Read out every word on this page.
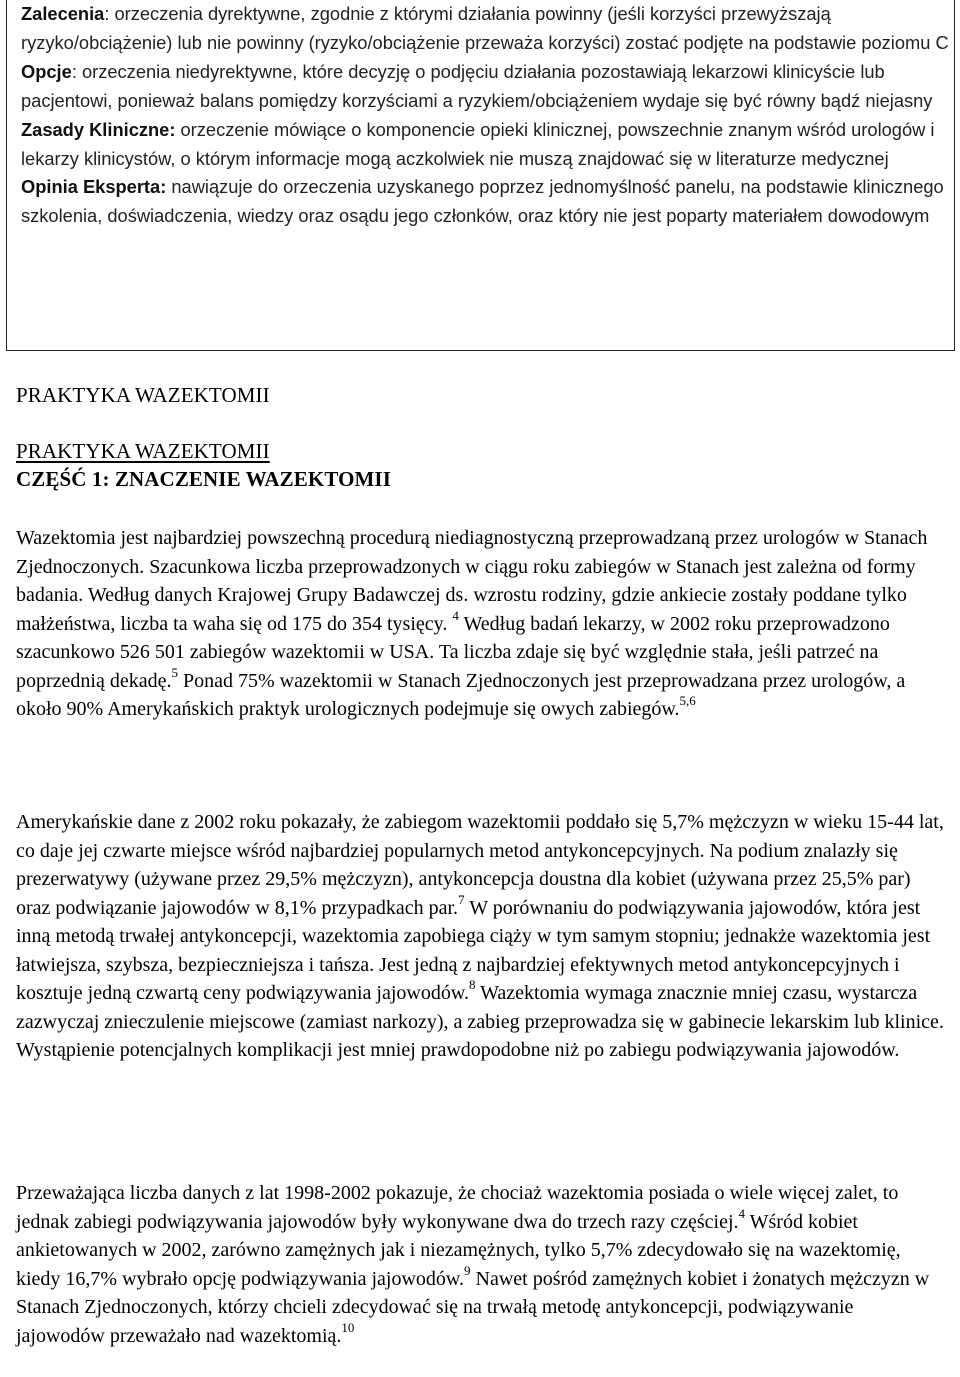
Zalecenia: orzeczenia dyrektywne, zgodnie z którymi działania powinny (jeśli korzyści przewyższają ryzyko/obciążenie) lub nie powinny (ryzyko/obciążenie przeważa korzyści) zostać podjęte na podstawie poziomu C

Opcje: orzeczenia niedyrektywne, które decyzję o podjęciu działania pozostawiają lekarzowi klinicyście lub pacjentowi, ponieważ balans pomiędzy korzyściami a ryzykiem/obciążeniem wydaje się być równy bądź niejasny

Zasady Kliniczne: orzeczenie mówiące o komponencie opieki klinicznej, powszechnie znanym wśród urologów i lekarzy klinicystów, o którym informacje mogą aczkolwiek nie muszą znajdować się w literaturze medycznej

Opinia Eksperta: nawiązuje do orzeczenia uzyskanego poprzez jednomyślność panelu, na podstawie klinicznego szkolenia, doświadczenia, wiedzy oraz osądu jego członków, oraz który nie jest poparty materiałem dowodowym

PRAKTYKA WAZEKTOMII
PRAKTYKA WAZEKTOMII
CZĘŚĆ 1: ZNACZENIE WAZEKTOMII

Wazektomia jest najbardziej powszechną procedurą niediagnostyczną przeprowadzaną przez urologów w Stanach Zjednoczonych. Szacunkowa liczba przeprowadzonych w ciągu roku zabiegów w Stanach jest zależna od formy badania. Według danych Krajowej Grupy Badawczej ds. wzrostu rodziny, gdzie ankiecie zostały poddane tylko małżeństwa, liczba ta waha się od 175 do 354 tysięcy. $^4$ Według badań lekarzy, w 2002 roku przeprowadzono szacunkowo 526 501 zabiegów wazektomii w USA. Ta liczba zdaje się być względnie stała, jeśli patrzeć na poprzednią dekadę.$^5$ Ponad 75% wazektomii w Stanach Zjednoczonych jest przeprowadzana przez urologów, a około 90% Amerykańskich praktyk urologicznych podejmuje się owych zabiegów.$^{5,6}$

Amerykańskie dane z 2002 roku pokazały, że zabiegom wazektomii poddało się 5,7% mężczyzn w wieku 15-44 lat, co daje jej czwarte miejsce wśród najbardziej popularnych metod antykoncepcyjnych. Na podium znalazły się prezerwatywy (używane przez 29,5% mężczyzn), antykoncepcja doustna dla kobiet (używana przez 25,5% par) oraz podwiązanie jajowodów w 8,1% przypadkach par.$^7$ W porównaniu do podwiązywania jajowodów, która jest inną metodą trwałej antykoncepcji, wazektomia zapobiega ciąży w tym samym stopniu; jednakże wazektomia jest łatwiejsza, szybsza, bezpieczniejsza i tańsza. Jest jedną z najbardziej efektywnych metod antykoncepcyjnych i kosztuje jedną czwartą ceny podwiązywania jajowodów.$^8$ Wazektomia wymaga znacznie mniej czasu, wystarcza zazwyczaj znieczulenie miejscowe (zamiast narkozy), a zabieg przeprowadza się w gabinecie lekarskim lub klinice. Wystąpienie potencjalnych komplikacji jest mniej prawdopodobne niż po zabiegu podwiązywania jajowodów.

Przeważająca liczba danych z lat 1998-2002 pokazuje, że chociaż wazektomia posiada o wiele więcej zalet, to jednak zabiegi podwiązywania jajowodów były wykonywane dwa do trzech razy częściej.$^4$ Wśród kobiet ankietowanych w 2002, zarówno zamężnych jak i niezamężnych, tylko 5,7% zdecydowało się na wazektomię, kiedy 16,7% wybrało opcję podwiązywania jajowodów.$^9$ Nawet pośród zamężnych kobiet i żonatych mężczyzn w Stanach Zjednoczonych, którzy chcieli zdecydować się na trwałą metodę antykoncepcji, podwiązywanie jajowodów przeważało nad wazektomią.$^{10}$
